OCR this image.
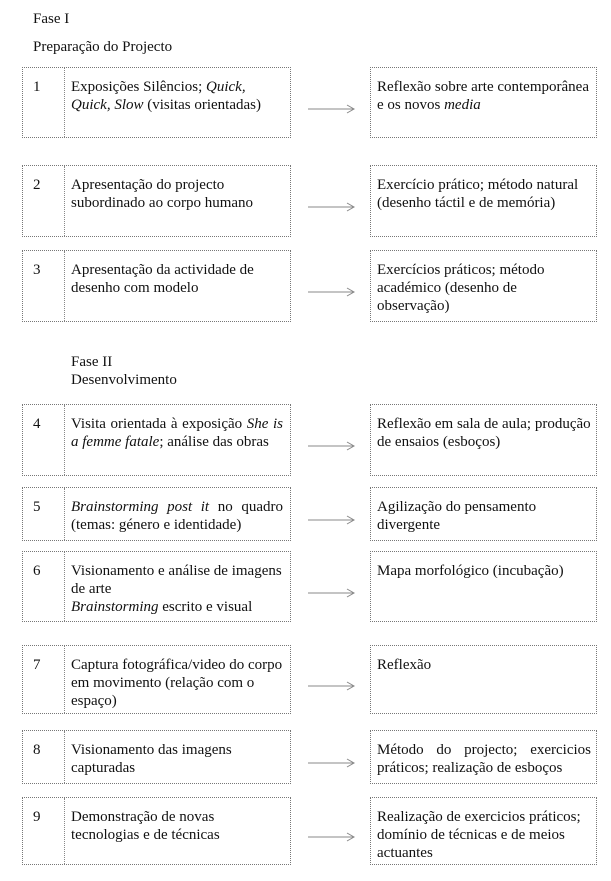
Fase I
Preparação do Projecto
Fase II
Desenvolvimento
1 Exposições Silêncios; Quick, Quick, Slow (visitas orientadas)
Reflexão sobre arte contemporânea e os novos media
2 Apresentação do projecto subordinado ao corpo humano
Exercício prático; método natural (desenho táctil e de memória)
3 Apresentação da actividade de desenho com modelo
Exercícios práticos; método académico (desenho de observação)
4 Visita orientada à exposição She is a femme fatale; análise das obras
Reflexão em sala de aula; produção de ensaios (esboços)
5 Brainstorming post it no quadro (temas: género e identidade)
Agilização do pensamento divergente
6 Visionamento e análise de imagens de arte
Brainstorming escrito e visual
Mapa morfológico (incubação)
7 Captura fotográfica/video do corpo em movimento (relação com o espaço)
Reflexão
8 Visionamento das imagens capturadas
Método do projecto; exercicios práticos; realização de esboços
9 Demonstração de novas tecnologias e de técnicas
Realização de exercicios práticos; domínio de técnicas e de meios actuantes
